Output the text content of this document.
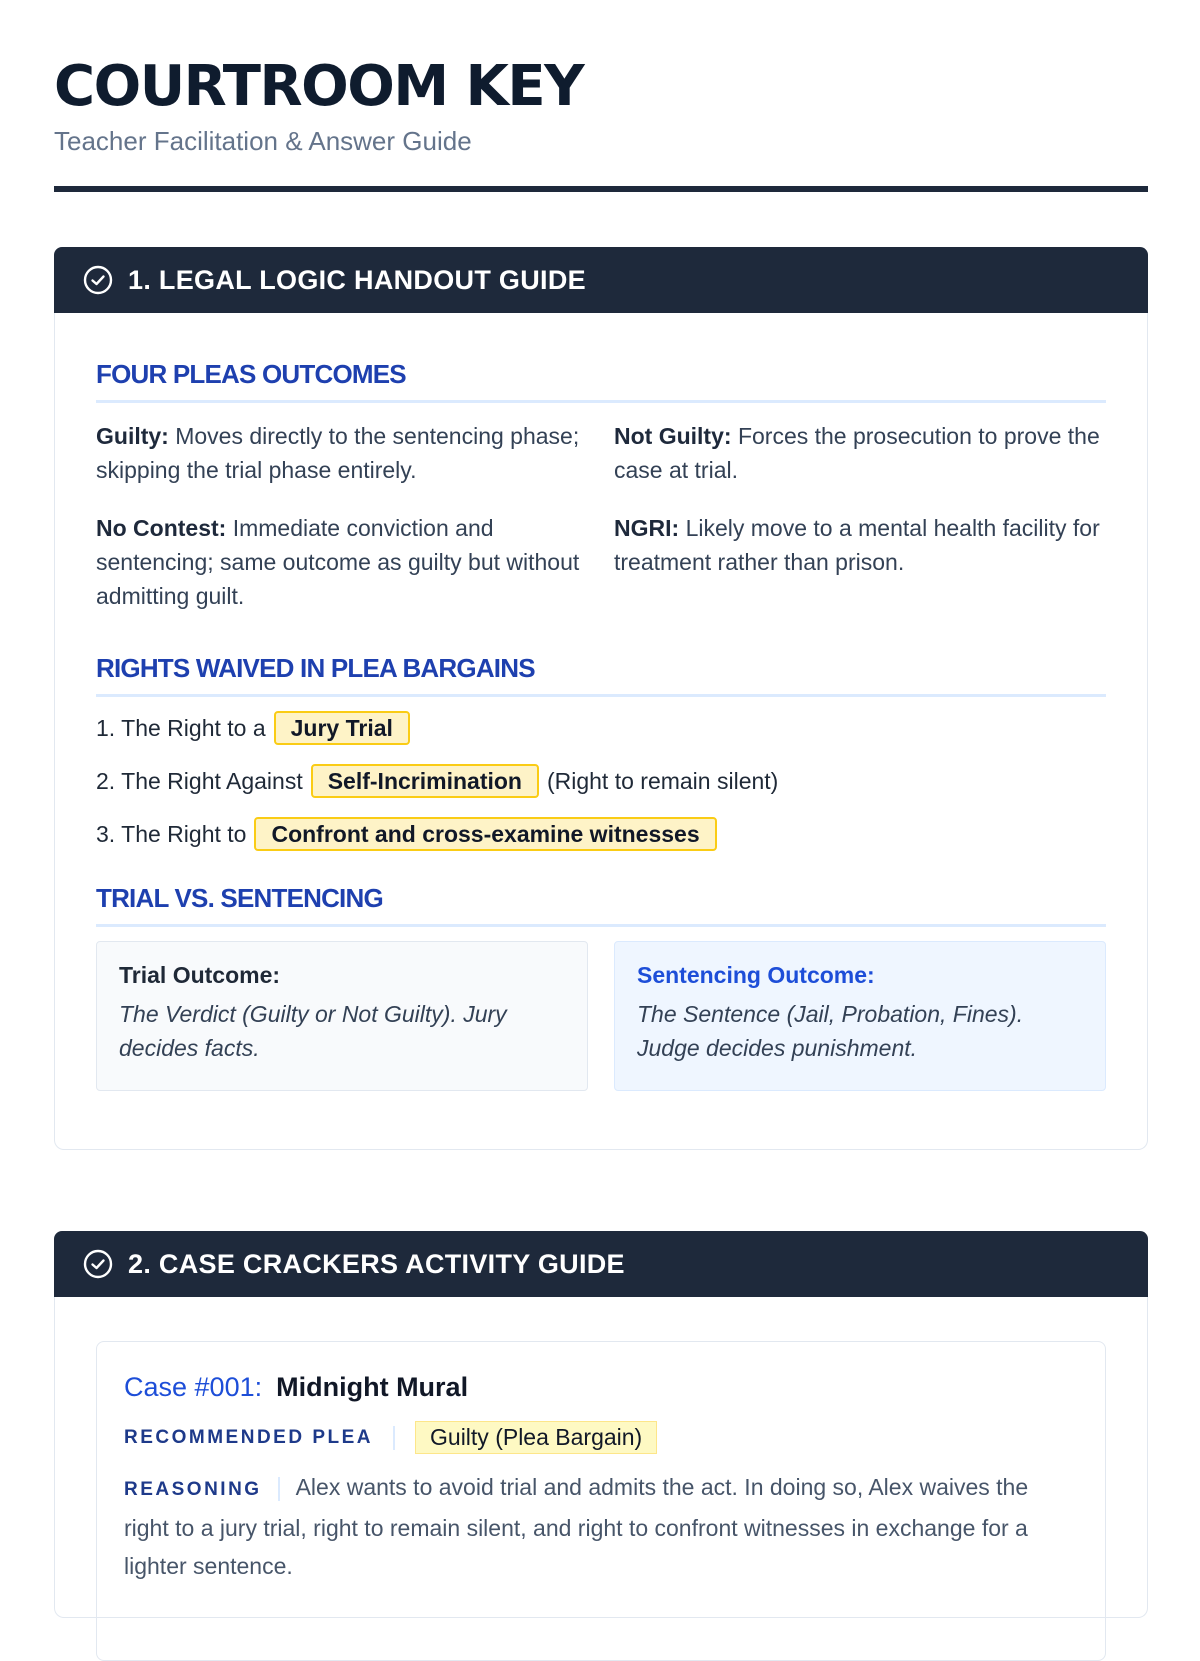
COURTROOM KEY
Teacher Facilitation & Answer Guide
1. LEGAL LOGIC HANDOUT GUIDE
FOUR PLEAS OUTCOMES
Guilty: Moves directly to the sentencing phase; skipping the trial phase entirely.
Not Guilty: Forces the prosecution to prove the case at trial.
No Contest: Immediate conviction and sentencing; same outcome as guilty but without admitting guilt.
NGRI: Likely move to a mental health facility for treatment rather than prison.
RIGHTS WAIVED IN PLEA BARGAINS
1. The Right to a	Jury Trial
2. The Right Against	Self-Incrimination	(Right to remain silent)
3. The Right to	Confront and cross-examine witnesses
TRIAL VS. SENTENCING
Trial Outcome:
The Verdict (Guilty or Not Guilty). Jury decides facts.
Sentencing Outcome:
The Sentence (Jail, Probation, Fines). Judge decides punishment.
2. CASE CRACKERS ACTIVITY GUIDE
Case #001: Midnight Mural
RECOMMENDED PLEA	Guilty (Plea Bargain)
REASONING Alex wants to avoid trial and admits the act. In doing so, Alex waives the right to a jury trial, right to remain silent, and right to confront witnesses in exchange for a lighter sentence.
